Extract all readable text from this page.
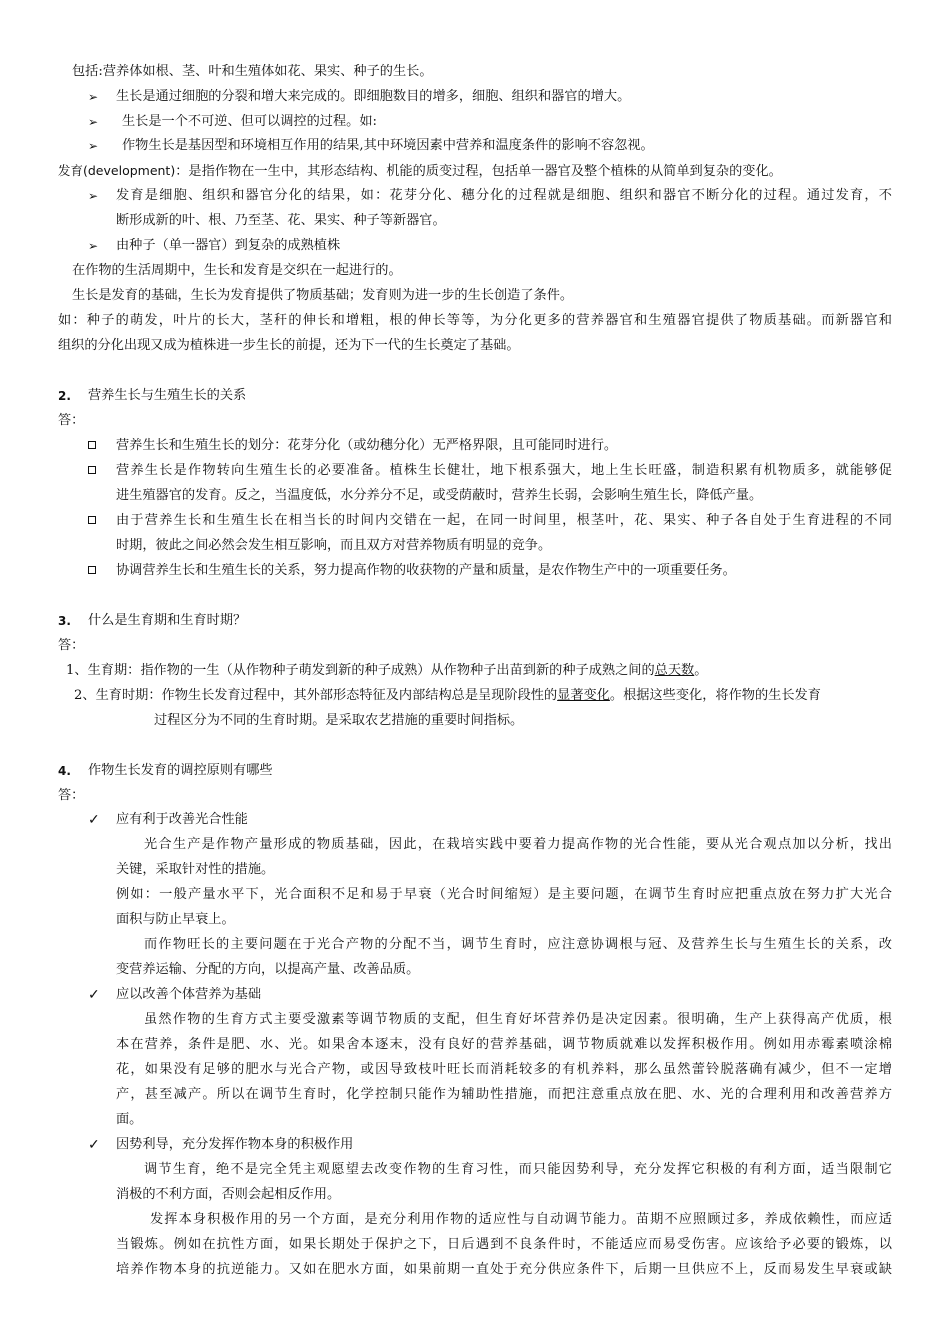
包括:营养体如根、茎、叶和生殖体如花、果实、种子的生长。
➢ 生长是通过细胞的分裂和增大来完成的。即细胞数目的增多，细胞、组织和器官的增大。
➢ 生长是一个不可逆、但可以调控的过程。如:
➢ 作物生长是基因型和环境相互作用的结果,其中环境因素中营养和温度条件的影响不容忽视。
发育(development)：是指作物在一生中，其形态结构、机能的质变过程，包括单一器官及整个植株的从简单到复杂的变化。
➢ 发育是细胞、组织和器官分化的结果，如：花芽分化、穗分化的过程就是细胞、组织和器官不断分化的过程。通过发育，不
断形成新的叶、根、乃至茎、花、果实、种子等新器官。
➢ 由种子（单一器官）到复杂的成熟植株
在作物的生活周期中，生长和发育是交织在一起进行的。
生长是发育的基础，生长为发育提供了物质基础；发育则为进一步的生长创造了条件。
如：种子的萌发，叶片的长大，茎秆的伸长和增粗，根的伸长等等，为分化更多的营养器官和生殖器官提供了物质基础。而新器官和
组织的分化出现又成为植株进一步生长的前提，还为下一代的生长奠定了基础。
2. 营养生长与生殖生长的关系
答：
营养生长和生殖生长的划分：花芽分化（或幼穗分化）无严格界限，且可能同时进行。
营养生长是作物转向生殖生长的必要准备。植株生长健壮，地下根系强大，地上生长旺盛，制造积累有机物质多，就能够促
进生殖器官的发育。反之，当温度低，水分养分不足，或受荫蔽时，营养生长弱，会影响生殖生长，降低产量。
由于营养生长和生殖生长在相当长的时间内交错在一起，在同一时间里，根茎叶，花、果实、种子各自处于生育进程的不同
时期，彼此之间必然会发生相互影响，而且双方对营养物质有明显的竞争。
协调营养生长和生殖生长的关系，努力提高作物的收获物的产量和质量，是农作物生产中的一项重要任务。
3. 什么是生育期和生育时期？
答：
1、生育期：指作物的一生（从作物种子萌发到新的种子成熟）从作物种子出苗到新的种子成熟之间的总天数。
2、生育时期：作物生长发育过程中，其外部形态特征及内部结构总是呈现阶段性的显著变化。根据这些变化，将作物的生长发育
过程区分为不同的生育时期。是采取农艺措施的重要时间指标。
4. 作物生长发育的调控原则有哪些
答：
✓ 应有利于改善光合性能
光合生产是作物产量形成的物质基础，因此，在栽培实践中要着力提高作物的光合性能，要从光合观点加以分析，找出
关键，采取针对性的措施。
例如：一般产量水平下，光合面积不足和易于早衰（光合时间缩短）是主要问题，在调节生育时应把重点放在努力扩大光合
面积与防止早衰上。
而作物旺长的主要问题在于光合产物的分配不当，调节生育时，应注意协调根与冠、及营养生长与生殖生长的关系，改
变营养运输、分配的方向，以提高产量、改善品质。
✓ 应以改善个体营养为基础
虽然作物的生育方式主要受激素等调节物质的支配，但生育好坏营养仍是决定因素。很明确，生产上获得高产优质，根
本在营养，条件是肥、水、光。如果舍本逐末，没有良好的营养基础，调节物质就难以发挥积极作用。例如用赤霉素喷涂棉
花，如果没有足够的肥水与光合产物，或因导致枝叶旺长而消耗较多的有机养料，那么虽然蕾铃脱落确有减少，但不一定增
产，甚至减产。所以在调节生育时，化学控制只能作为辅助性措施，而把注意重点放在肥、水、光的合理利用和改善营养方
面。
✓ 因势利导，充分发挥作物本身的积极作用
调节生育，绝不是完全凭主观愿望去改变作物的生育习性，而只能因势利导，充分发挥它积极的有利方面，适当限制它
消极的不利方面，否则会起相反作用。
发挥本身积极作用的另一个方面，是充分利用作物的适应性与自动调节能力。苗期不应照顾过多，养成依赖性，而应适
当锻炼。例如在抗性方面，如果长期处于保护之下，日后遇到不良条件时，不能适应而易受伤害。应该给予必要的锻炼，以
培养作物本身的抗逆能力。又如在肥水方面，如果前期一直处于充分供应条件下，后期一旦供应不上，反而易发生早衰或缺
